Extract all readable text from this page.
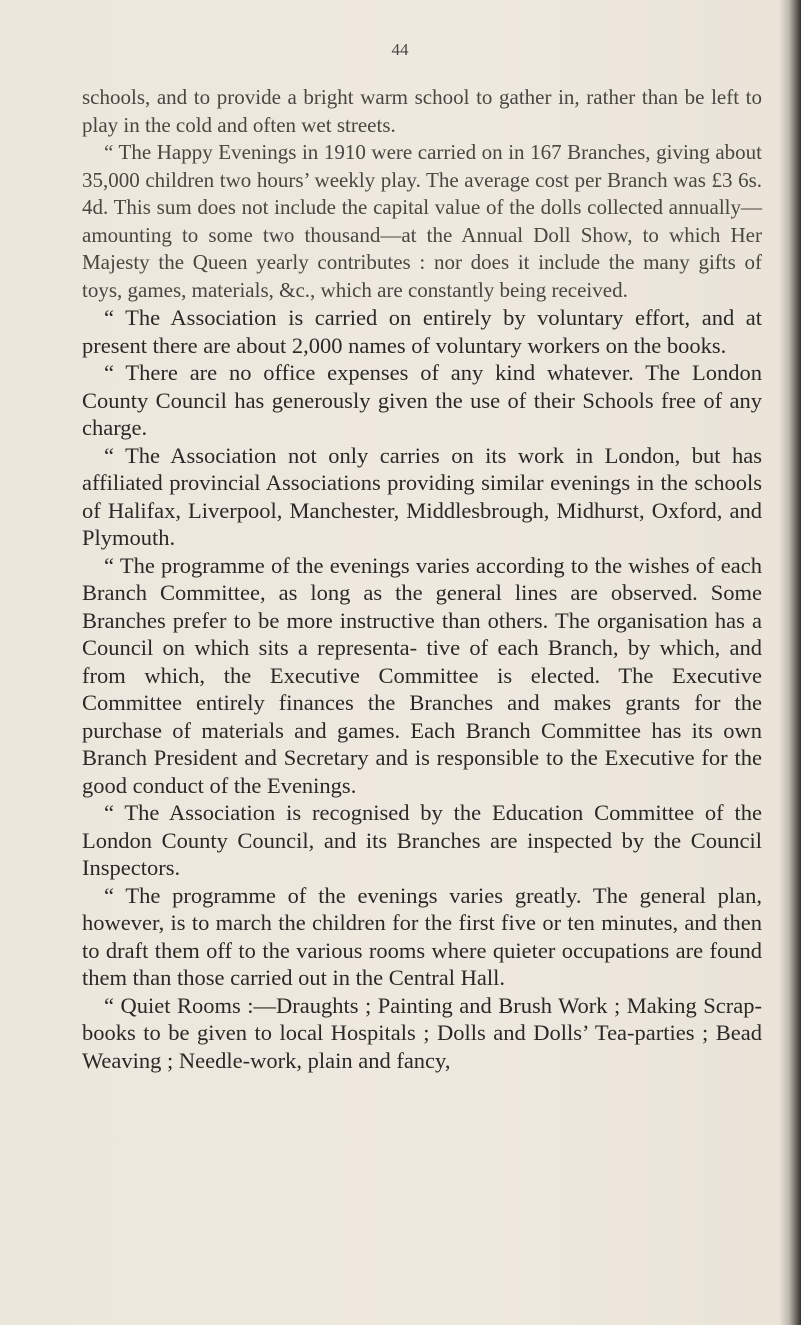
44

schools, and to provide a bright warm school to gather in, rather than be left to play in the cold and often wet streets.

“ The Happy Evenings in 1910 were carried on in 167 Branches, giving about 35,000 children two hours’ weekly play. The average cost per Branch was £3 6s. 4d. This sum does not include the capital value of the dolls collected annually—amounting to some two thousand—at the Annual Doll Show, to which Her Majesty the Queen yearly contributes : nor does it include the many gifts of toys, games, materials, &c., which are constantly being received.

“ The Association is carried on entirely by voluntary effort, and at present there are about 2,000 names of voluntary workers on the books.

“ There are no office expenses of any kind whatever. The London County Council has generously given the use of their Schools free of any charge.

“ The Association not only carries on its work in London, but has affiliated provincial Associations providing similar evenings in the schools of Halifax, Liverpool, Manchester, Middlesbrough, Midhurst, Oxford, and Plymouth.

“ The programme of the evenings varies according to the wishes of each Branch Committee, as long as the general lines are observed. Some Branches prefer to be more instructive than others. The organisation has a Council on which sits a representa- tive of each Branch, by which, and from which, the Executive Committee is elected. The Executive Committee entirely finances the Branches and makes grants for the purchase of materials and games. Each Branch Committee has its own Branch President and Secretary and is responsible to the Executive for the good conduct of the Evenings.

“ The Association is recognised by the Education Committee of the London County Council, and its Branches are inspected by the Council Inspectors.

“ The programme of the evenings varies greatly. The general plan, however, is to march the children for the first five or ten minutes, and then to draft them off to the various rooms where quieter occupations are found them than those carried out in the Central Hall.

“ Quiet Rooms :—Draughts ; Painting and Brush Work ; Making Scrap-books to be given to local Hospitals ; Dolls and Dolls’ Tea-parties ; Bead Weaving ; Needle-work, plain and fancy,
